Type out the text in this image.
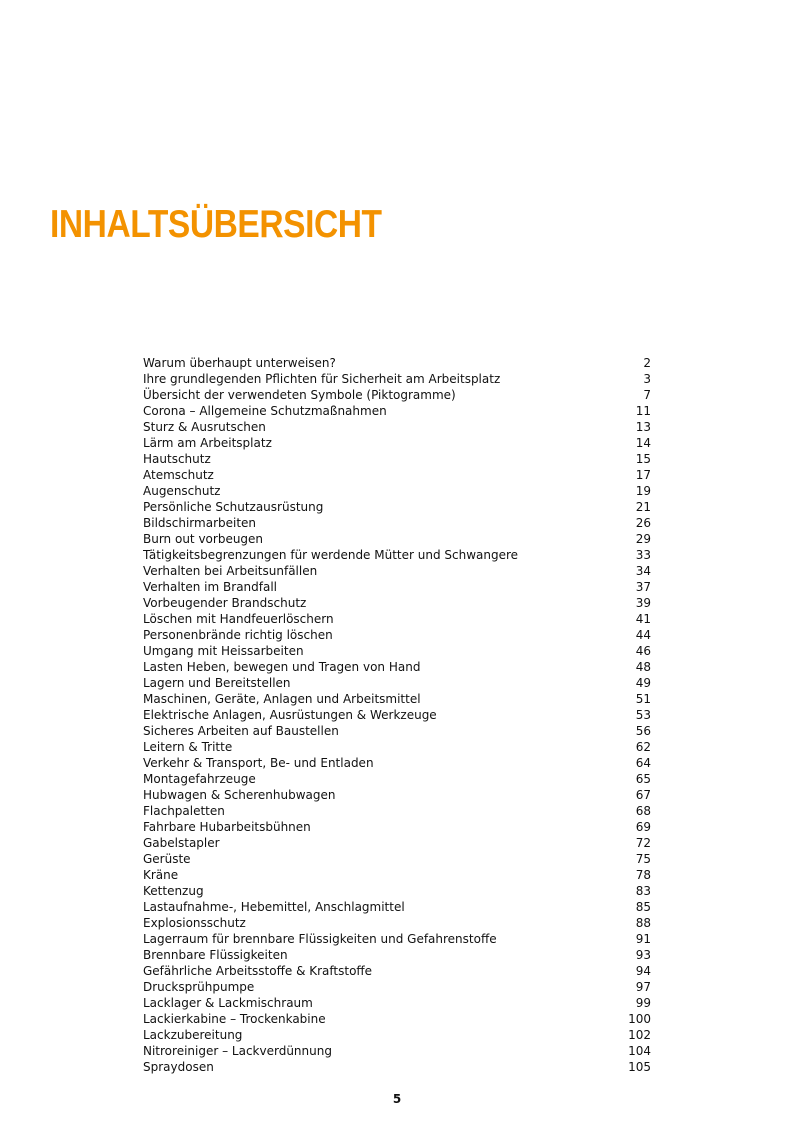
INHALTSÜBERSICHT
Warum überhaupt unterweisen?	2
Ihre grundlegenden Pflichten für Sicherheit am Arbeitsplatz	3
Übersicht der verwendeten Symbole (Piktogramme)	7
Corona – Allgemeine Schutzmaßnahmen	11
Sturz & Ausrutschen	13
Lärm am Arbeitsplatz	14
Hautschutz	15
Atemschutz	17
Augenschutz	19
Persönliche Schutzausrüstung	21
Bildschirmarbeiten	26
Burn out vorbeugen	29
Tätigkeitsbegrenzungen für werdende Mütter und Schwangere	33
Verhalten bei Arbeitsunfällen	34
Verhalten im Brandfall	37
Vorbeugender Brandschutz	39
Löschen mit Handfeuerlöschern	41
Personenbrände richtig löschen	44
Umgang mit Heissarbeiten	46
Lasten Heben, bewegen und Tragen von Hand	48
Lagern und Bereitstellen	49
Maschinen, Geräte, Anlagen und Arbeitsmittel	51
Elektrische Anlagen, Ausrüstungen & Werkzeuge	53
Sicheres Arbeiten auf Baustellen	56
Leitern & Tritte	62
Verkehr & Transport, Be- und Entladen	64
Montagefahrzeuge	65
Hubwagen & Scherenhubwagen	67
Flachpaletten	68
Fahrbare Hubarbeitsbühnen	69
Gabelstapler	72
Gerüste	75
Kräne	78
Kettenzug	83
Lastaufnahme-, Hebemittel, Anschlagmittel	85
Explosionsschutz	88
Lagerraum für brennbare Flüssigkeiten und Gefahrenstoffe	91
Brennbare Flüssigkeiten	93
Gefährliche Arbeitsstoffe & Kraftstoffe	94
Drucksprühpumpe	97
Lacklager & Lackmischraum	99
Lackierkabine – Trockenkabine	100
Lackzubereitung	102
Nitroreiniger – Lackverdünnung	104
Spraydosen	105
5
